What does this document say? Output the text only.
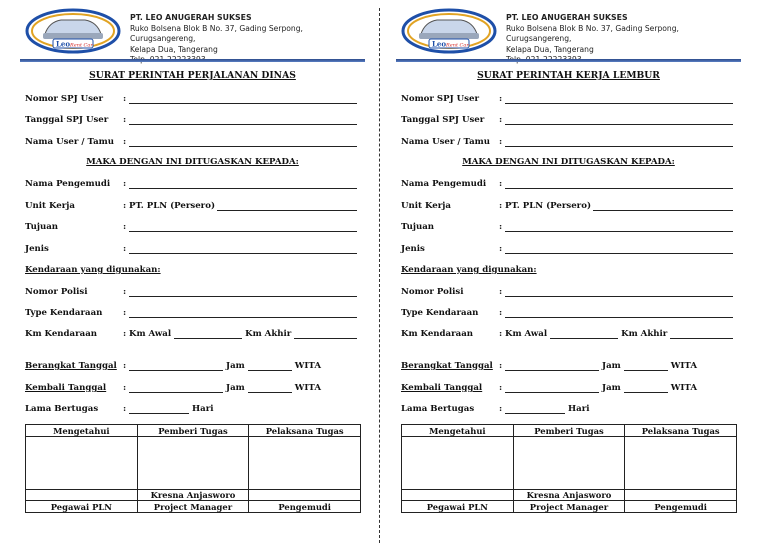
Leo Rent Car
PT. LEO ANUGERAH SUKSES
Ruko Bolsena Blok B No. 37, Gading Serpong, Curugsangereng,
Kelapa Dua, Tangerang
SURAT PERINTAH PERJALANAN DINAS
Nomor SPJ User	:
Tanggal SPJ User	:
Nama User / Tamu	:
MAKA DENGAN INI DITUGASKAN KEPADA:
Nama Pengemudi	:
Unit Kerja	: PT. PLN (Persero)
Tujuan	:
Jenis	:
Kendaraan yang digunakan:
Nomor Polisi	:
Type Kendaraan	:
Km Kendaraan	: Km Awal	Km Akhir
Berangkat Tanggal :	Jam	WITA
Kembali Tanggal	:	Jam	WITA
Lama Bertugas	:	Hari
Mengetahui	Pemberi Tugas	Pelaksana Tugas

	Kresna Anjasworo	
Pegawai PLN	Project Manager	Pengemudi
Leo Rent Car
PT. LEO ANUGERAH SUKSES
Ruko Bolsena Blok B No. 37, Gading Serpong, Curugsangereng,
Kelapa Dua, Tangerang
SURAT PERINTAH KERJA LEMBUR
Nomor SPJ User	:
Tanggal SPJ User	:
Nama User / Tamu	:
MAKA DENGAN INI DITUGASKAN KEPADA:
Nama Pengemudi	:
Unit Kerja	: PT. PLN (Persero)
Tujuan	:
Jenis	:
Kendaraan yang digunakan:
Nomor Polisi	:
Type Kendaraan	:
Km Kendaraan	: Km Awal	Km Akhir
Berangkat Tanggal :	Jam	WITA
Kembali Tanggal	:	Jam	WITA
Lama Bertugas	:	Hari
Mengetahui	Pemberi Tugas	Pelaksana Tugas

	Kresna Anjasworo	
Pegawai PLN	Project Manager	Pengemudi
